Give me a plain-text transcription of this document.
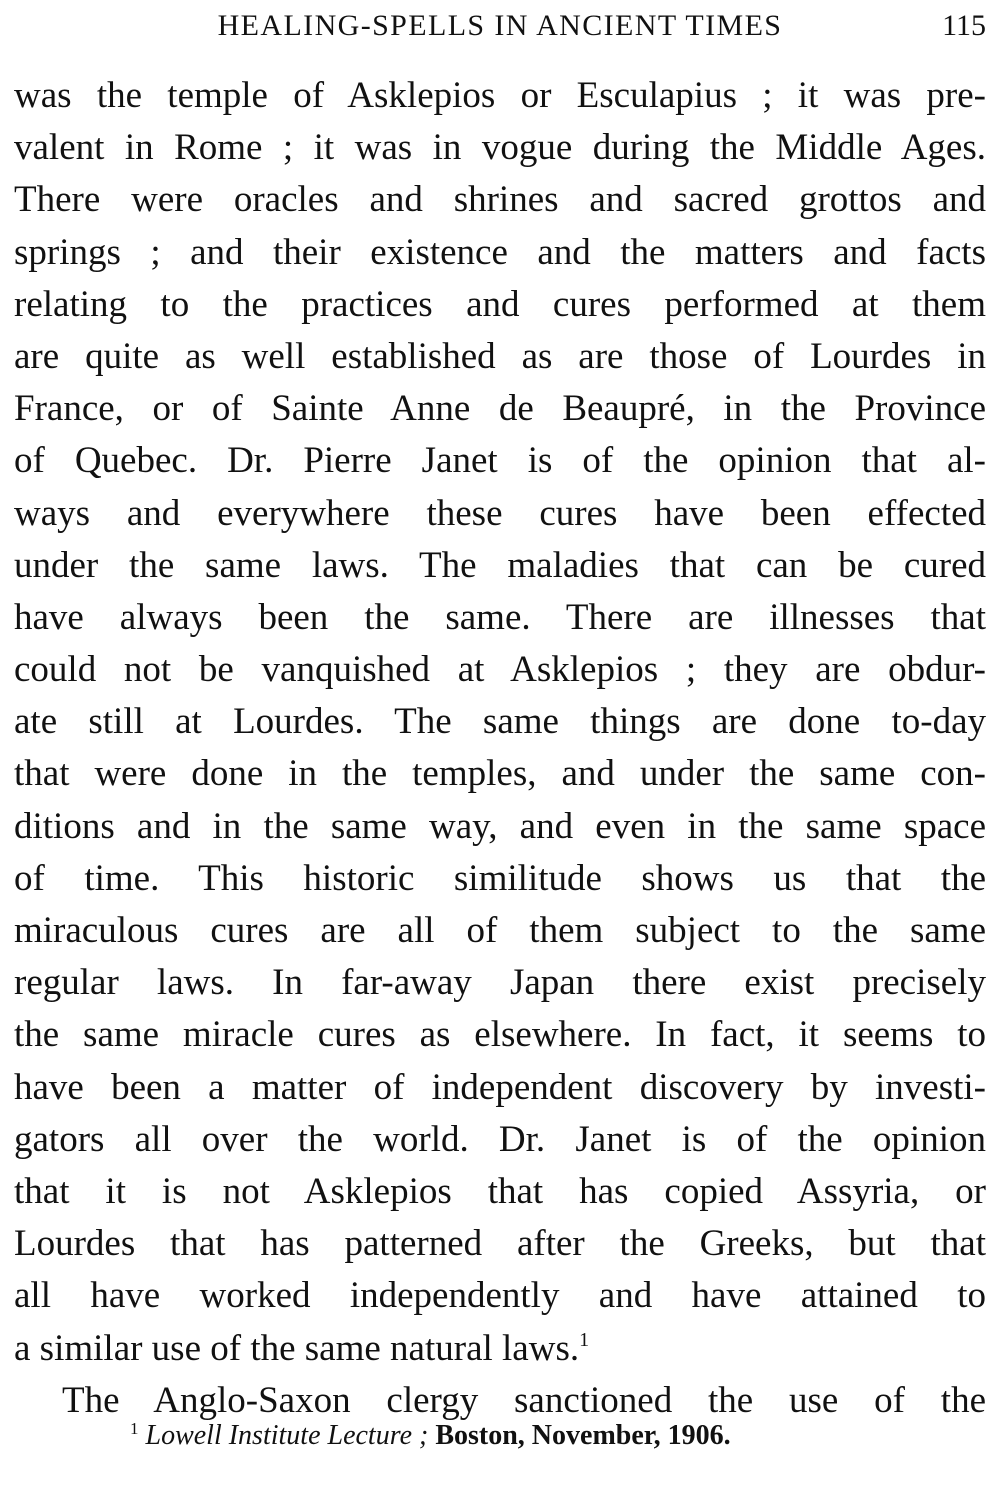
HEALING-SPELLS IN ANCIENT TIMES	115
was the temple of Asklepios or Esculapius ; it was pre-
valent in Rome ; it was in vogue during the Middle Ages.
There were oracles and shrines and sacred grottos and
springs ; and their existence and the matters and facts
relating to the practices and cures performed at them
are quite as well established as are those of Lourdes in
France, or of Sainte Anne de Beaupré, in the Province
of Quebec. Dr. Pierre Janet is of the opinion that al-
ways and everywhere these cures have been effected
under the same laws. The maladies that can be cured
have always been the same. There are illnesses that
could not be vanquished at Asklepios ; they are obdur-
ate still at Lourdes. The same things are done to-day
that were done in the temples, and under the same con-
ditions and in the same way, and even in the same space
of time. This historic similitude shows us that the
miraculous cures are all of them subject to the same
regular laws. In far-away Japan there exist precisely
the same miracle cures as elsewhere. In fact, it seems to
have been a matter of independent discovery by investi-
gators all over the world. Dr. Janet is of the opinion
that it is not Asklepios that has copied Assyria, or
Lourdes that has patterned after the Greeks, but that
all have worked independently and have attained to
a similar use of the same natural laws.$^1$
The Anglo-Saxon clergy sanctioned the use of the
$^1$ Lowell Institute Lecture ; Boston, November, 1906.
